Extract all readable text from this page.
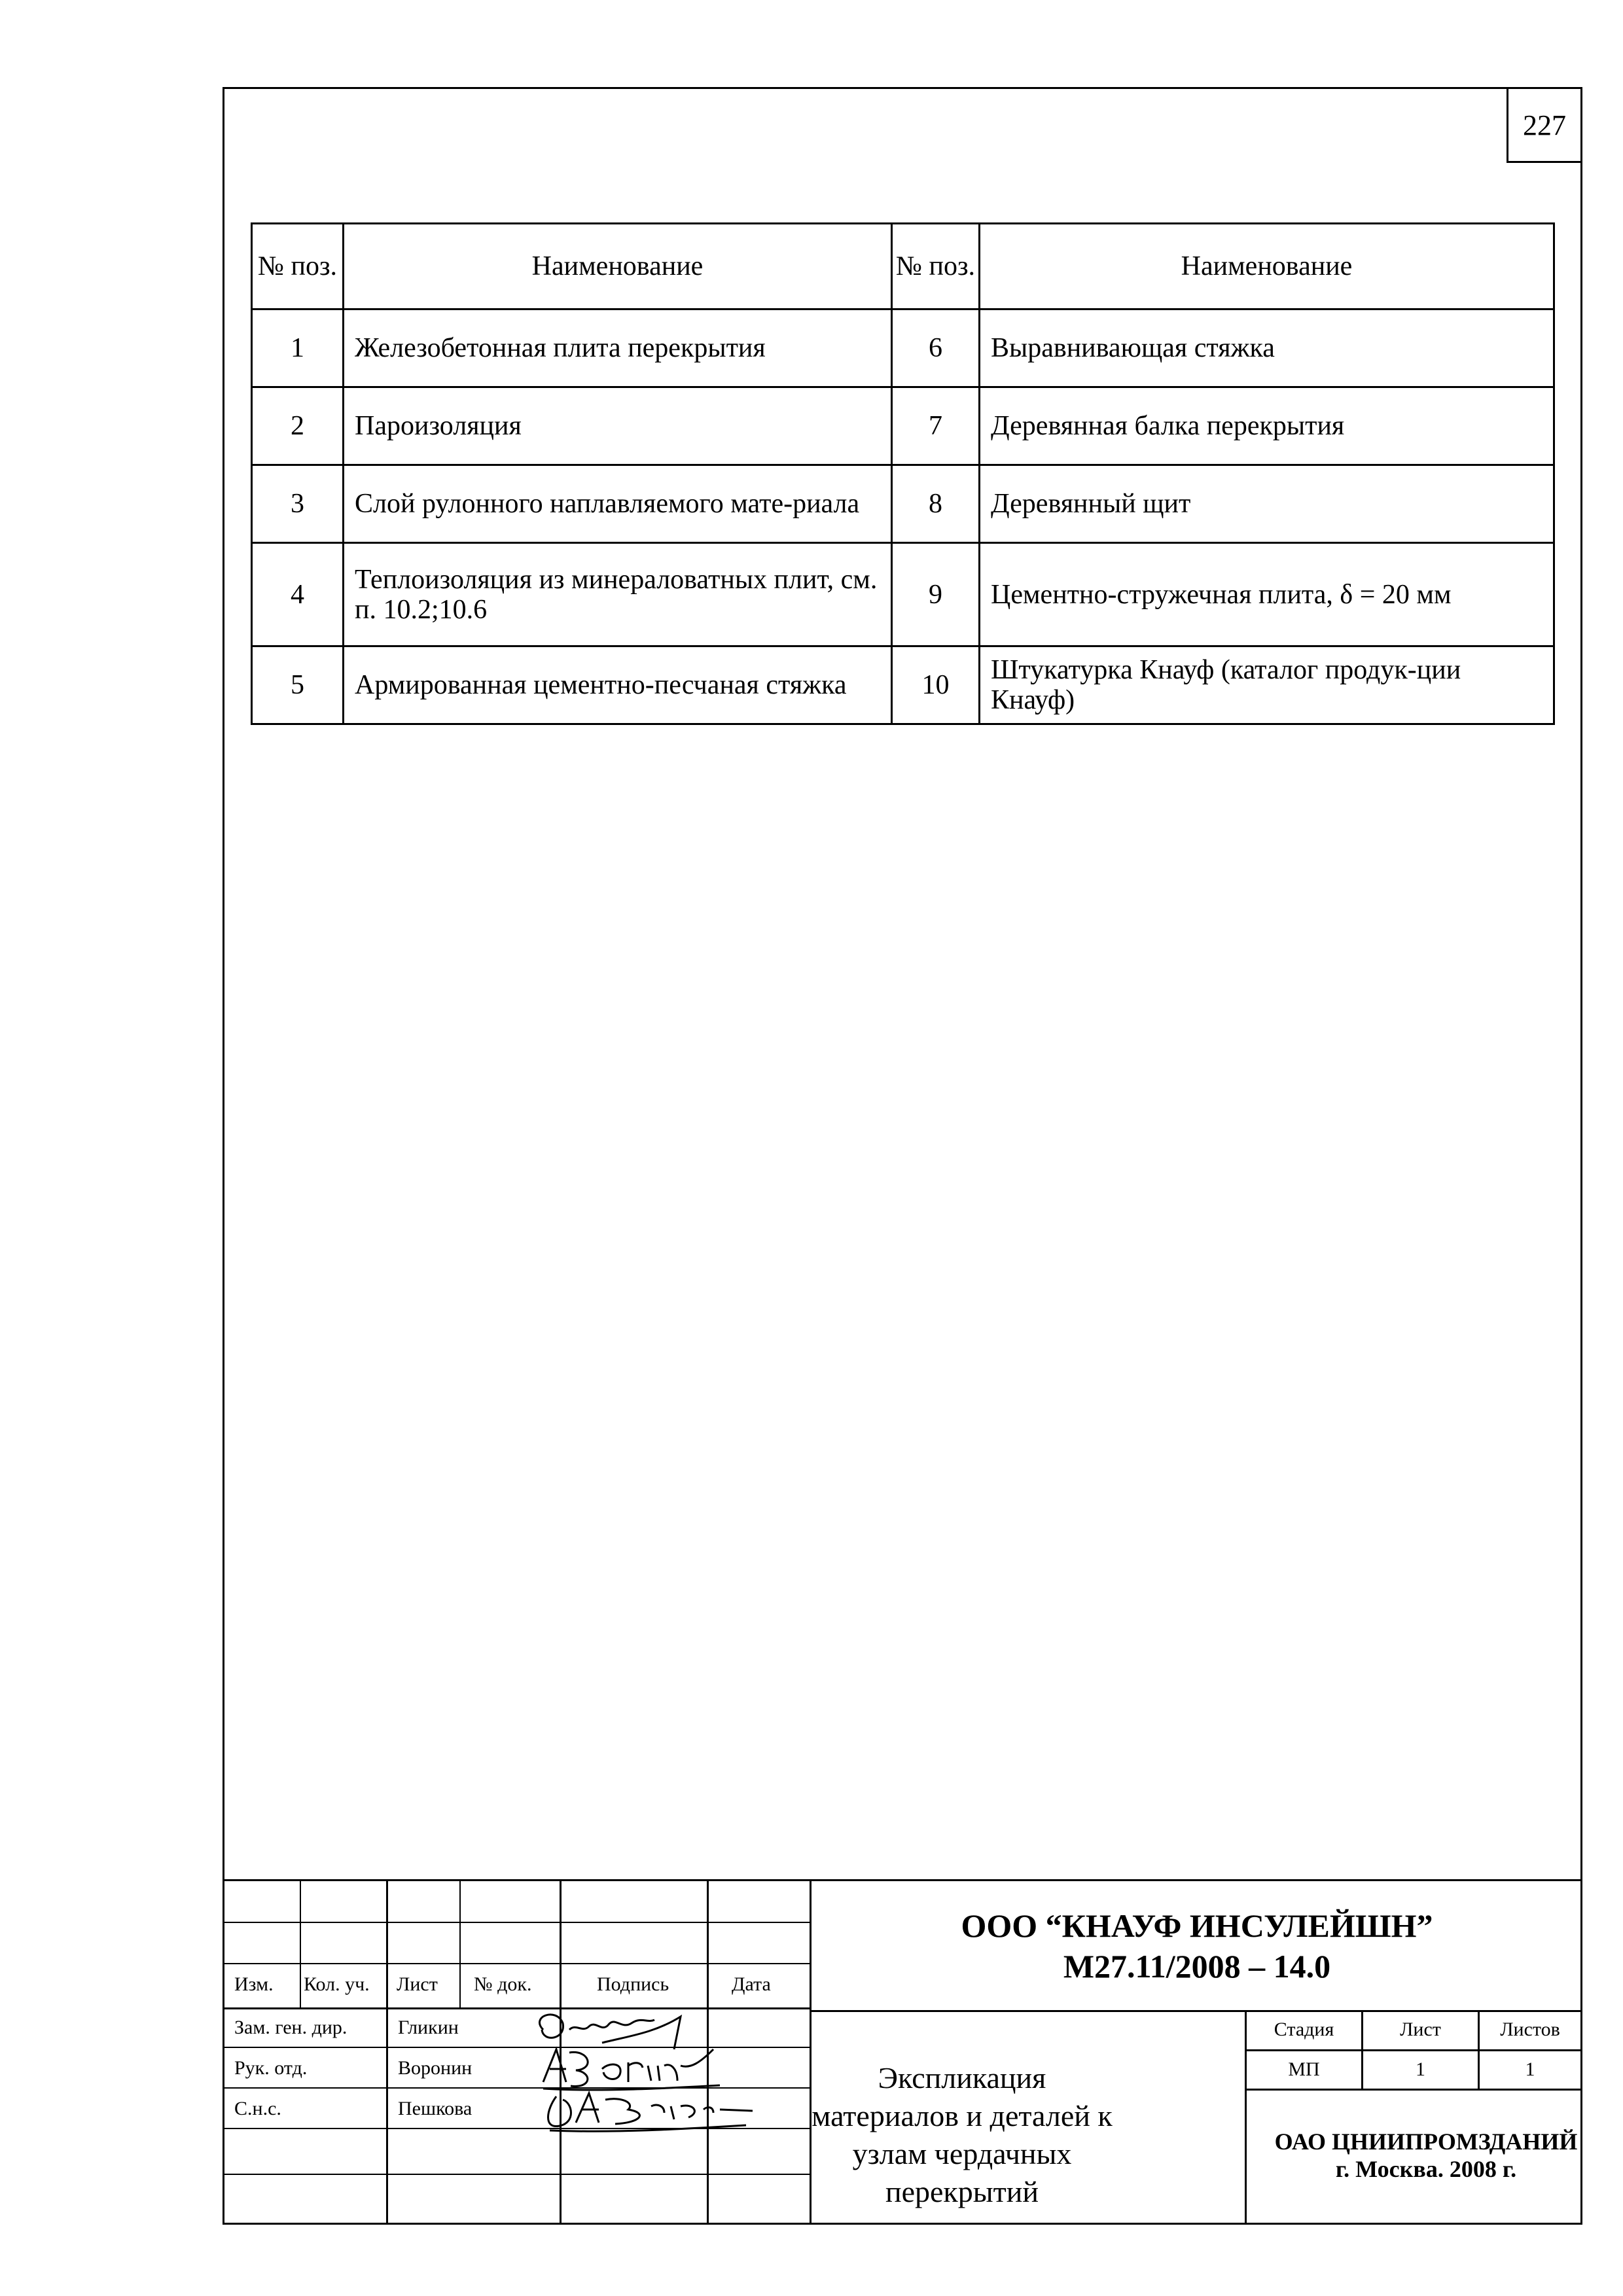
227
№ поз.	Наименование	№ поз.	Наименование
1	Железобетонная плита перекрытия	6	Выравнивающая стяжка
2	Пароизоляция	7	Деревянная балка перекрытия
3	Слой рулонного наплавляемого мате-риала	8	Деревянный щит
4	Теплоизоляция из минераловатных плит, см. п. 10.2;10.6	9	Цементно-стружечная плита, δ = 20 мм
5	Армированная цементно-песчаная стяжка	10	Штукатурка Кнауф (каталог продук-ции Кнауф)
Изм. Кол. уч. Лист № док.	Подпись	Дата
Зам. ген. дир.	Гликин
Рук. отд.	Воронин
С.н.с.	Пешкова
ООО “КНАУФ ИНСУЛЕЙШН”
М27.11/2008 – 14.0
Экспликация материалов и деталей к узлам чердачных перекрытий
Стадия	Лист	Листов
МП	1	1
ОАО ЦНИИПРОМЗДАНИЙ
г. Москва. 2008 г.
